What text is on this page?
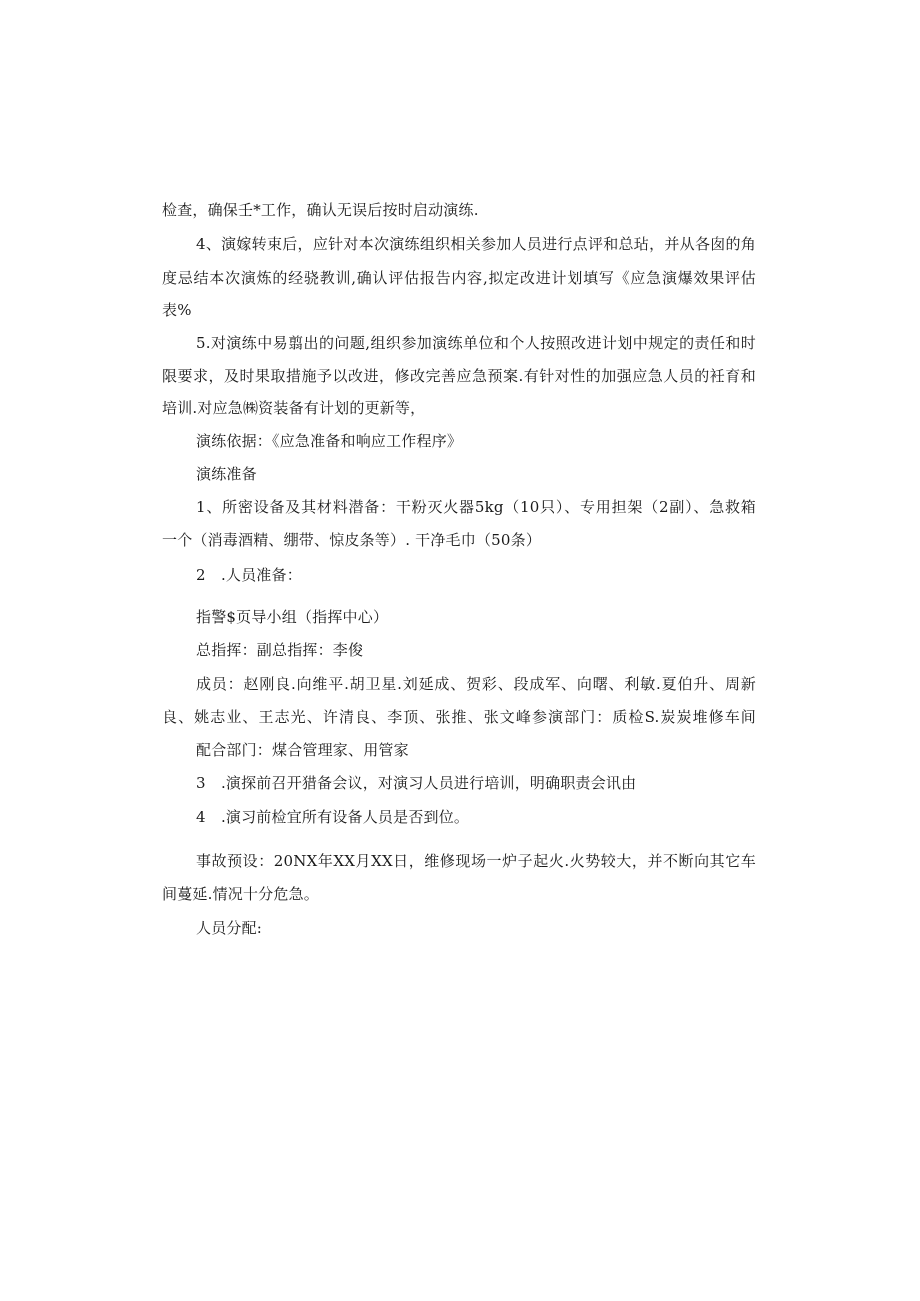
检查，确保壬*工作，确认无误后按时启动演练.
4、演嫁转束后，应针对本次演练组织相关参加人员进行点评和总玷，并从各囱的角
度忌结本次演炼的经骁教训,确认评估报告内容,拟定改进计划填写《应急演爆效果评估
表%
5.对演练中易翦出的问题,组织参加演练单位和个人按照改进计划中规定的责任和时
限要求，及时果取措施予以改进，修改完善应急预案.有针对性的加强应急人员的衽育和
培训.对应急㈱资装备有计划的更新等，
演练依据：《应急准备和响应工作程序》
演练准备
1、所密设备及其材料潜备：干粉灭火器5kg（10只）、专用担架（2副）、急救箱
一个（消毒酒精、绷带、惊皮条等）. 干净毛巾（50条）
2　.人员准备：
指警$页导小组（指挥中心）
总指挥：副总指挥：李俊
成员：赵刚良.向维平.胡卫星.刘延成、贺彩、段成军、向曙、利敏.夏伯升、周新
良、姚志业、王志光、许清良、李顶、张推、张文峰参演部门：质检S.炭炭堆修车间
配合部门：煤合管理家、用管家
3　.演探前召开猎备会议，对演习人员进行培训，明确职责会讯由
4　.演习前检宜所有设备人员是否到位。
事故预设：20NX年XX月XX日，维修现场一炉子起火.火势较大，并不断向其它车
间蔓延.情况十分危急。
人员分配:
